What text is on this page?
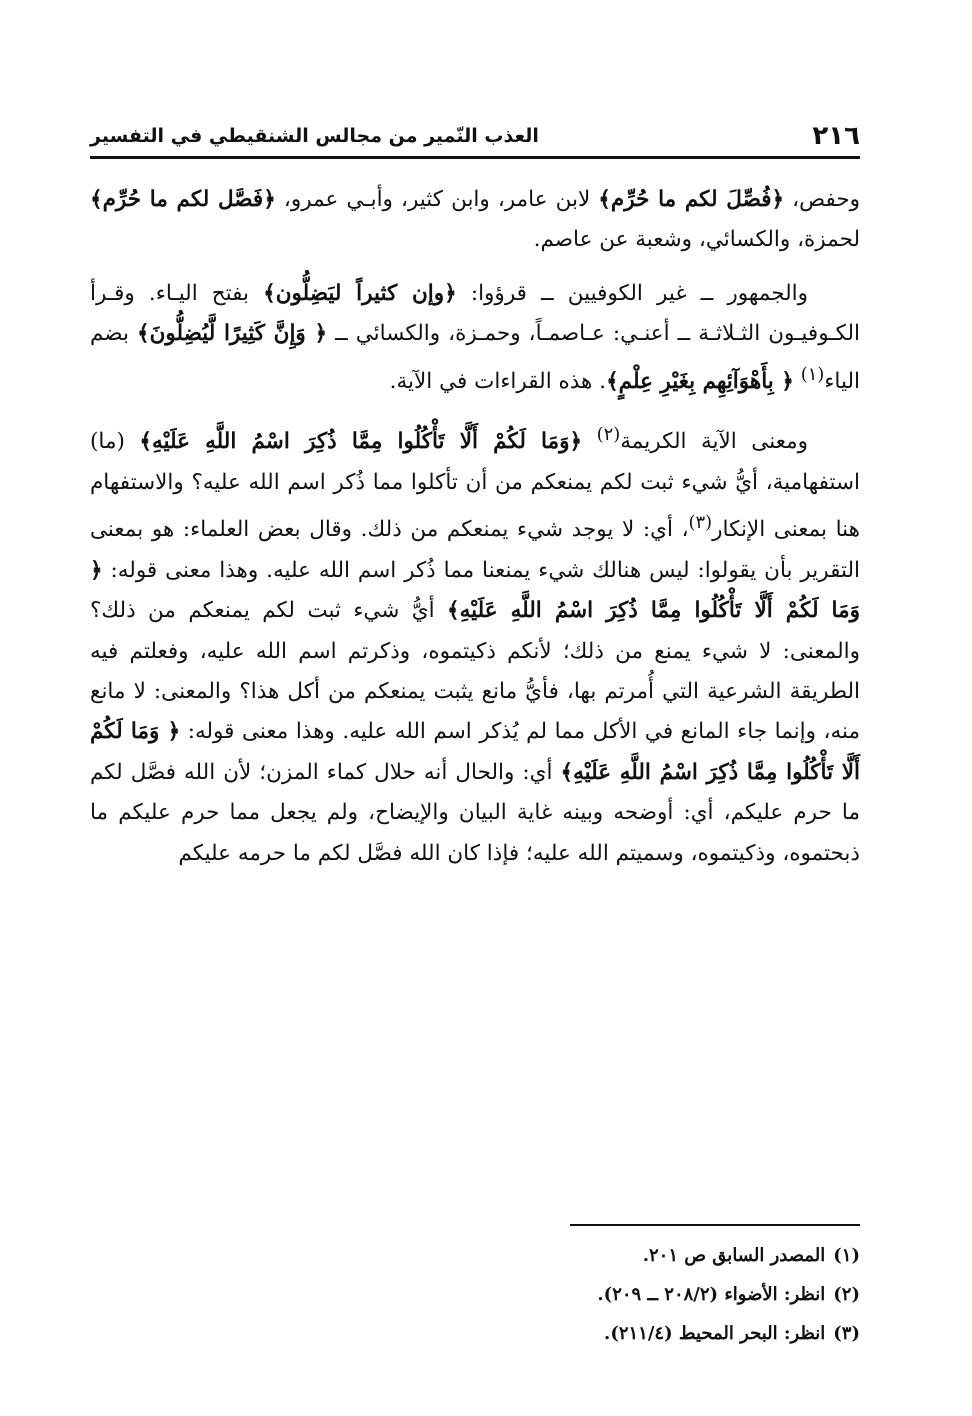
٢١٦
العذب النّمير من مجالس الشنقيطي في التفسير

وحفص، ﴿فُصِّلَ لكم ما حُرِّم﴾ لابن عامر، وابن كثير، وأبـي عمرو، ﴿فَصَّل لكم ما حُرِّم﴾ لحمزة، والكسائي، وشعبة عن عاصم.

والجمهور ــ غير الكوفيين ــ قرؤوا: ﴿وإن كثيراً ليَضِلُّون﴾ بفتح اليـاء. وقـرأ الكـوفيـون الثـلاثـة ــ أعنـي: عـاصمـاً، وحمـزة، والكسائي ــ ﴿ وَإِنَّ كَثِيرًا لَّيُضِلُّونَ﴾ بضم الياء$^{(١)}$ ﴿ بِأَهْوَآئِهِم بِغَيْرِ عِلْمٍ﴾. هذه القراءات في الآية.

ومعنى الآية الكريمة$^{(٢)}$ ﴿وَمَا لَكُمْ أَلَّا تَأْكُلُوا مِمَّا ذُكِرَ اسْمُ اللَّهِ عَلَيْهِ﴾ (ما) استفهامية، أيُّ شيء ثبت لكم يمنعكم من أن تأكلوا مما ذُكر اسم الله عليه؟ والاستفهام هنا بمعنى الإنكار$^{(٣)}$، أي: لا يوجد شيء يمنعكم من ذلك. وقال بعض العلماء: هو بمعنى التقرير بأن يقولوا: ليس هنالك شيء يمنعنا مما ذُكر اسم الله عليه. وهذا معنى قوله: ﴿ وَمَا لَكُمْ أَلَّا تَأْكُلُوا مِمَّا ذُكِرَ اسْمُ اللَّهِ عَلَيْهِ﴾ أيُّ شيء ثبت لكم يمنعكم من ذلك؟ والمعنى: لا شيء يمنع من ذلك؛ لأنكم ذكيتموه، وذكرتم اسم الله عليه، وفعلتم فيه الطريقة الشرعية التي أُمرتم بها، فأيُّ مانع يثبت يمنعكم من أكل هذا؟ والمعنى: لا مانع منه، وإنما جاء المانع في الأكل مما لم يُذكر اسم الله عليه. وهذا معنى قوله: ﴿ وَمَا لَكُمْ أَلَّا تَأْكُلُوا مِمَّا ذُكِرَ اسْمُ اللَّهِ عَلَيْهِ﴾ أي: والحال أنه حلال كماء المزن؛ لأن الله فصَّل لكم ما حرم عليكم، أي: أوضحه وبينه غاية البيان والإيضاح، ولم يجعل مما حرم عليكم ما ذبحتموه، وذكيتموه، وسميتم الله عليه؛ فإذا كان الله فصَّل لكم ما حرمه عليكم

(١)المصدر السابق ص ٢٠١.
(٢)انظر: الأضواء (٢٠٨/٢ ــ ٢٠٩).
(٣)انظر: البحر المحيط (٢١١/٤).
